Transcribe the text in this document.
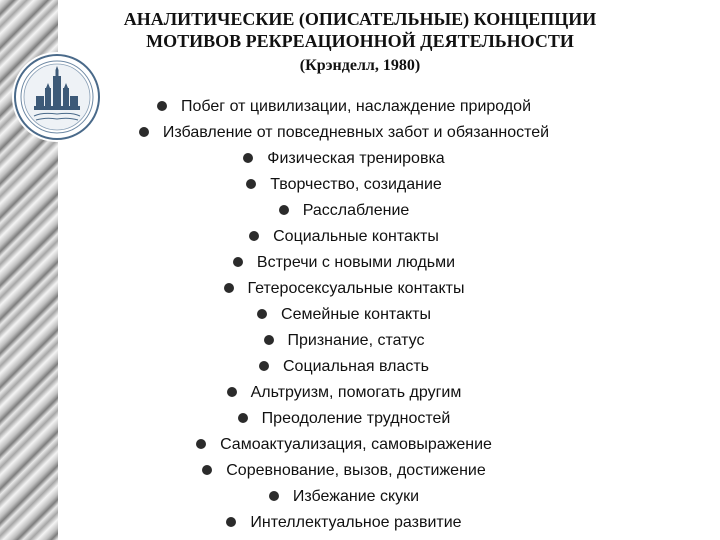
АНАЛИТИЧЕСКИЕ (ОПИСАТЕЛЬНЫЕ) КОНЦЕПЦИИ
МОТИВОВ РЕКРЕАЦИОННОЙ ДЕЯТЕЛЬНОСТИ
(Крэнделл, 1980)
Побег от цивилизации, наслаждение природой
Избавление от повседневных забот и обязанностей
Физическая тренировка
Творчество, созидание
Расслабление
Социальные контакты
Встречи с новыми людьми
Гетеросексуальные контакты
Семейные контакты
Признание, статус
Социальная власть
Альтруизм, помогать другим
Преодоление трудностей
Самоактуализация, самовыражение
Соревнование, вызов, достижение
Избежание скуки
Интеллектуальное развитие
